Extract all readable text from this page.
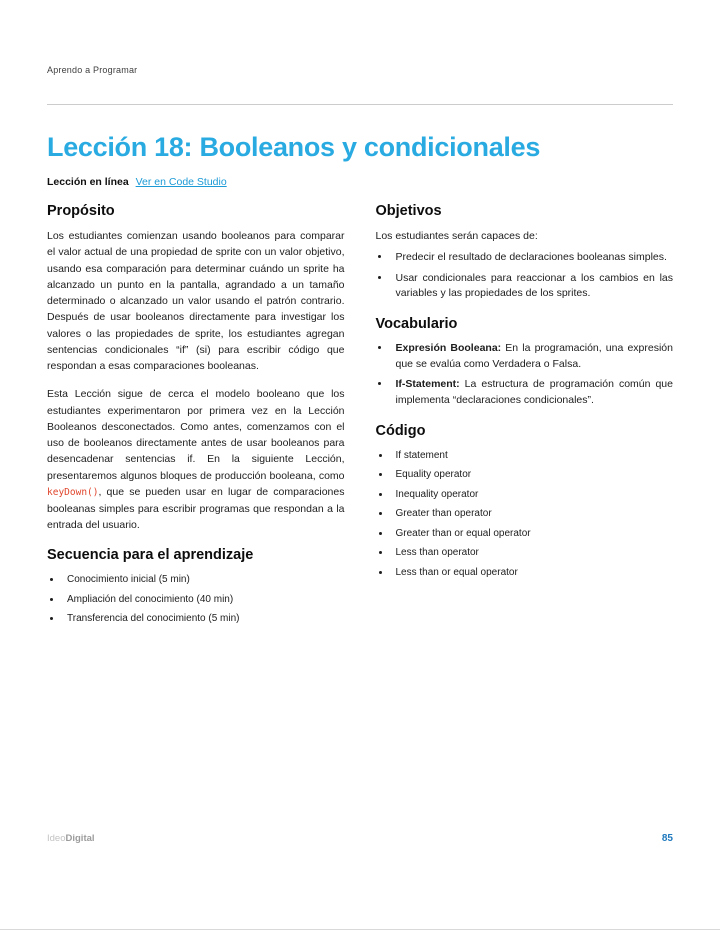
Aprendo a Programar
Lección 18: Booleanos y condicionales

Lección en línea Ver en Code Studio

Propósito

Los estudiantes comienzan usando booleanos para comparar el valor actual de una propiedad de sprite con un valor objetivo, usando esa comparación para determinar cuándo un sprite ha alcanzado un punto en la pantalla, agrandado a un tamaño determinado o alcanzado un valor usando el patrón contrario. Después de usar booleanos directamente para investigar los valores o las propiedades de sprite, los estudiantes agregan sentencias condicionales “if” (si) para escribir código que respondan a esas comparaciones booleanas.

Esta Lección sigue de cerca el modelo booleano que los estudiantes experimentaron por primera vez en la Lección Booleanos desconectados. Como antes, comenzamos con el uso de booleanos directamente antes de usar booleanos para desencadenar sentencias if. En la siguiente Lección, presentaremos algunos bloques de producción booleana, como keyDown(), que se pueden usar en lugar de comparaciones booleanas simples para escribir programas que respondan a la entrada del usuario.

Secuencia para el aprendizaje
• Conocimiento inicial (5 min)
• Ampliación del conocimiento (40 min)
• Transferencia del conocimiento (5 min)
Objetivos

Los estudiantes serán capaces de:

• Predecir el resultado de declaraciones booleanas simples.
• Usar condicionales para reaccionar a los cambios en las variables y las propiedades de los sprites.
Vocabulario
• Expresión Booleana: En la programación, una expresión que se evalúa como Verdadera o Falsa.
• If-Statement: La estructura de programación común que implementa “declaraciones condicionales”.
Código
• If statement
• Equality operator
• Inequality operator
• Greater than operator
• Greater than or equal operator
• Less than operator
• Less than or equal operator
IdeoDigital	85
